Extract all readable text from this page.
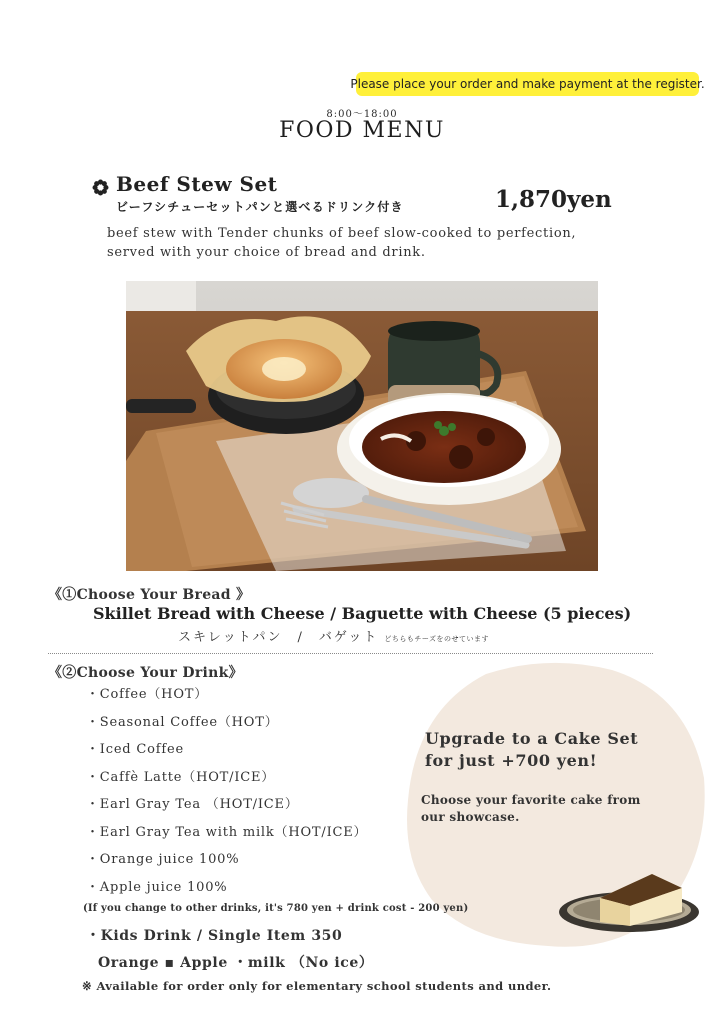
Please place your order and make payment at the register.
8:00～18:00
FOOD MENU
Beef Stew Set
ビーフシチューセットパンと選べるドリンク付き	1,870yen
beef stew with Tender chunks of beef slow-cooked to perfection,
served with your choice of bread and drink.
《①Choose Your Bread 》
Skillet Bread with Cheese / Baguette with Cheese (5 pieces)
スキレットパン　/　バゲット どちらもチーズをのせています
《②Choose Your Drink》
・Coffee（HOT）
・Seasonal Coffee（HOT）
・Iced Coffee
・Caffè Latte（HOT/ICE）
・Earl Gray Tea （HOT/ICE）
・Earl Gray Tea with milk（HOT/ICE）
・Orange juice 100%
・Apple juice 100%
Upgrade to a Cake Set
for just +700 yen!
Choose your favorite cake from
our showcase.
(If you change to other drinks, it's 780 yen + drink cost - 200 yen)
・Kids Drink / Single Item 350
Orange ▪ Apple ・milk （No ice）
※ Available for order only for elementary school students and under.
